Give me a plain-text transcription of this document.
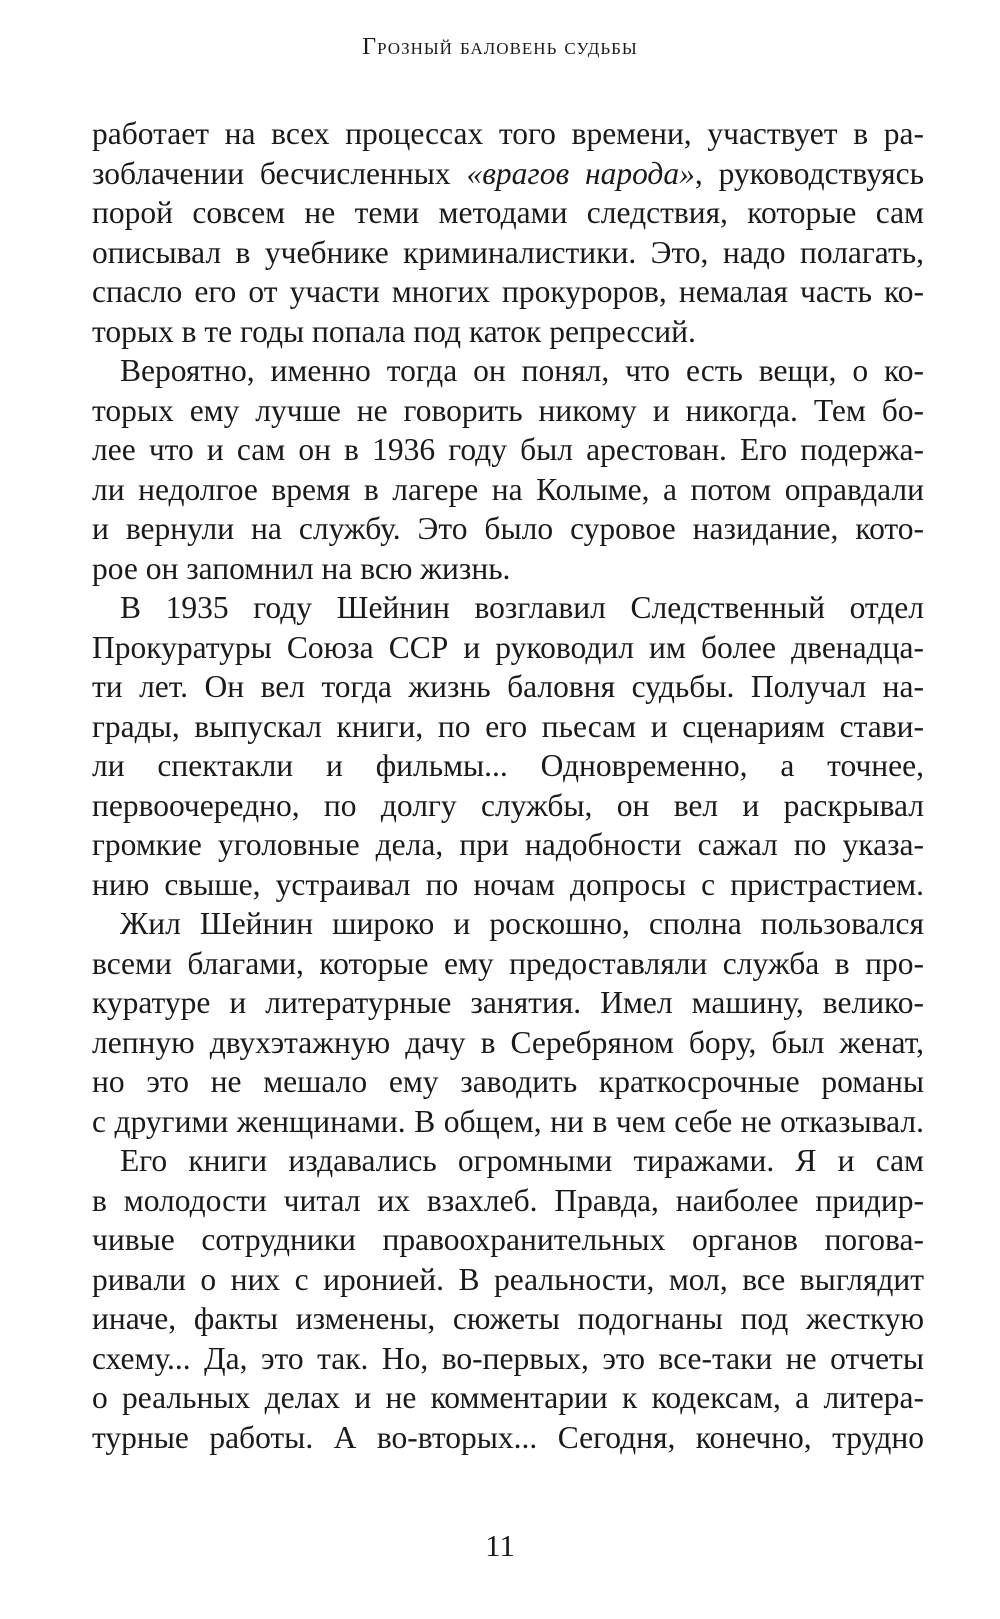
Грозный баловень судьбы
работает на всех процессах того времени, участвует в ра-
зоблачении бесчисленных «врагов народа», руководствуясь
порой совсем не теми методами следствия, которые сам
описывал в учебнике криминалистики. Это, надо полагать,
спасло его от участи многих прокуроров, немалая часть ко-
торых в те годы попала под каток репрессий.
Вероятно, именно тогда он понял, что есть вещи, о ко-
торых ему лучше не говорить никому и никогда. Тем бо-
лее что и сам он в 1936 году был арестован. Его подержа-
ли недолгое время в лагере на Колыме, а потом оправдали
и вернули на службу. Это было суровое назидание, кото-
рое он запомнил на всю жизнь.
В 1935 году Шейнин возглавил Следственный отдел
Прокуратуры Союза ССР и руководил им более двенадца-
ти лет. Он вел тогда жизнь баловня судьбы. Получал на-
грады, выпускал книги, по его пьесам и сценариям стави-
ли спектакли и фильмы... Одновременно, а точнее,
первоочередно, по долгу службы, он вел и раскрывал
громкие уголовные дела, при надобности сажал по указа-
нию свыше, устраивал по ночам допросы с пристрастием.
Жил Шейнин широко и роскошно, сполна пользовался
всеми благами, которые ему предоставляли служба в про-
куратуре и литературные занятия. Имел машину, велико-
лепную двухэтажную дачу в Серебряном бору, был женат,
но это не мешало ему заводить краткосрочные романы
с другими женщинами. В общем, ни в чем себе не отказывал.
Его книги издавались огромными тиражами. Я и сам
в молодости читал их взахлеб. Правда, наиболее придир-
чивые сотрудники правоохранительных органов погова-
ривали о них с иронией. В реальности, мол, все выглядит
иначе, факты изменены, сюжеты подогнаны под жесткую
схему... Да, это так. Но, во-первых, это все-таки не отчеты
о реальных делах и не комментарии к кодексам, а литера-
турные работы. А во-вторых... Сегодня, конечно, трудно
11
